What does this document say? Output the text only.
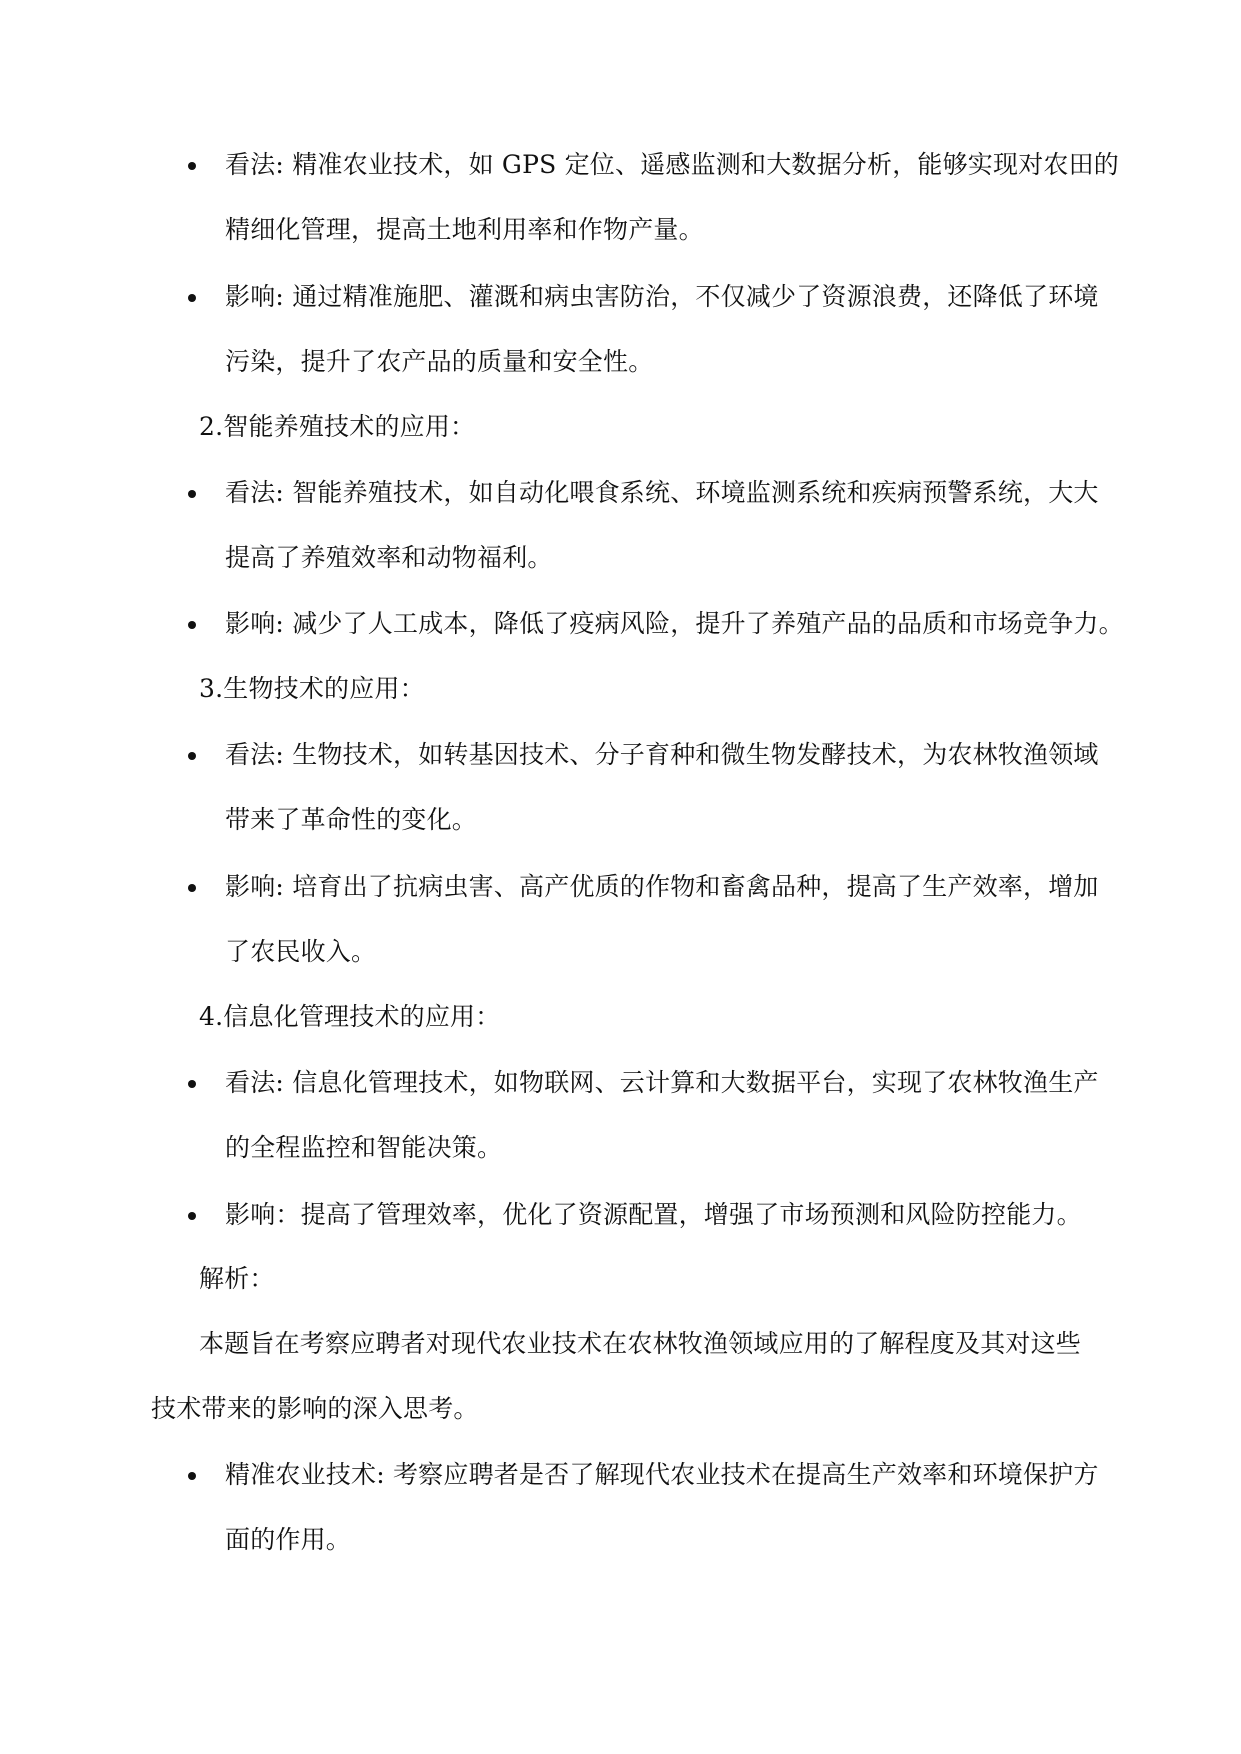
看法: 精准农业技术，如 GPS 定位、遥感监测和大数据分析，能够实现对农田的
精细化管理，提高土地利用率和作物产量。
影响: 通过精准施肥、灌溉和病虫害防治，不仅减少了资源浪费，还降低了环境
污染，提升了农产品的质量和安全性。
2.智能养殖技术的应用：
看法: 智能养殖技术，如自动化喂食系统、环境监测系统和疾病预警系统，大大
提高了养殖效率和动物福利。
影响: 减少了人工成本，降低了疫病风险，提升了养殖产品的品质和市场竞争力。
3.生物技术的应用：
看法: 生物技术，如转基因技术、分子育种和微生物发酵技术，为农林牧渔领域
带来了革命性的变化。
影响: 培育出了抗病虫害、高产优质的作物和畜禽品种，提高了生产效率，增加
了农民收入。
4.信息化管理技术的应用：
看法: 信息化管理技术，如物联网、云计算和大数据平台，实现了农林牧渔生产
的全程监控和智能决策。
影响：提高了管理效率，优化了资源配置，增强了市场预测和风险防控能力。
解析：
本题旨在考察应聘者对现代农业技术在农林牧渔领域应用的了解程度及其对这些
技术带来的影响的深入思考。
精准农业技术: 考察应聘者是否了解现代农业技术在提高生产效率和环境保护方
面的作用。
